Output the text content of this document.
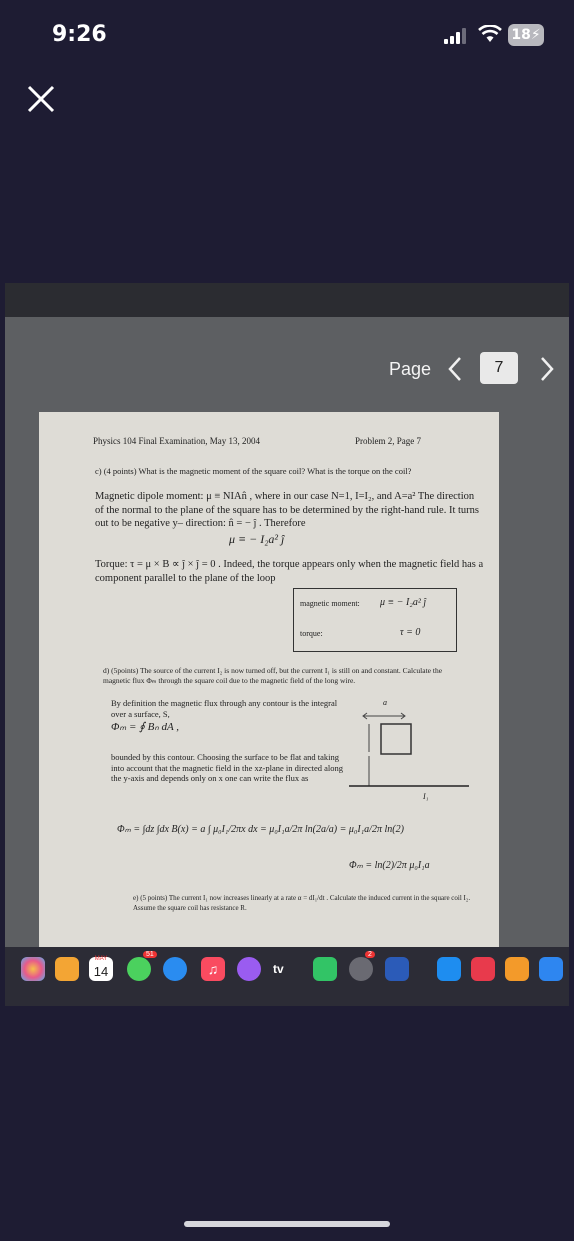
9:26	18⚡
Page	7
Physics 104 Final Examination, May 13, 2004	Problem 2, Page 7
c) (4 points) What is the magnetic moment of the square coil? What is the torque on the coil?
Magnetic dipole moment: μ ≡ NIAn̂ , where in our case N=1, I=I₂, and A=a² The direction of the normal to the plane of the square has to be determined by the right-hand rule. It turns out to be negative y– direction: n̂ = − ĵ . Therefore
μ ≡ − I₂a² ĵ
Torque: τ = μ × B ∝ ĵ × ĵ = 0 . Indeed, the torque appears only when the magnetic field has a component parallel to the plane of the loop
magnetic moment: μ ≡ − I₂a² ĵ
torque:	τ = 0
d) (5points) The source of the current I₂ is now turned off, but the current I₁ is still on and constant. Calculate the magnetic flux Φₘ through the square coil due to the magnetic field of the long wire.
By definition the magnetic flux through any contour is the integral over a surface, S,
Φₘ = ∮ Bₙ dA ,
bounded by this contour. Choosing the surface to be flat and taking into account that the magnetic field in the xz-plane in directed along the y-axis and depends only on x one can write the flux as
a
I₁
Φₘ = ∫dz ∫dx B(x) = a ∫ μ₀I₁/2πx dx = μ₀I₁a/2π ln(2a/a) = μ₀I₁a/2π ln(2)
Φₘ = ln(2)/2π μ₀I₁a
e) (5 points) The current I₁ now increases linearly at a rate α = dI₁/dt . Calculate the induced current in the square coil I₂. Assume the square coil has resistance R.
MAY
14
51
♫	tv
2
